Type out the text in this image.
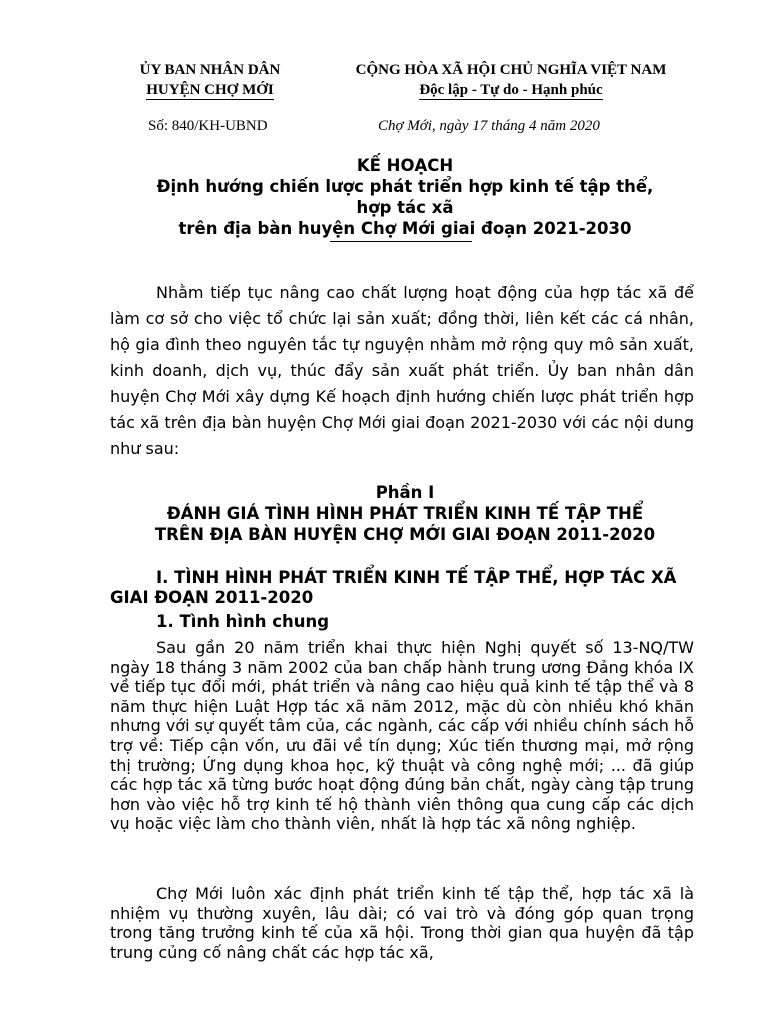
ỦY BAN NHÂN DÂN
HUYỆN CHỢ MỚI
CỘNG HÒA XÃ HỘI CHỦ NGHĨA VIỆT NAM
Độc lập - Tự do - Hạnh phúc
Số: 840/KH-UBND	Chợ Mới, ngày 17 tháng 4 năm 2020
KẾ HOẠCH
Định hướng chiến lược phát triển hợp kinh tế tập thể,
hợp tác xã
trên địa bàn huyện Chợ Mới giai đoạn 2021-2030

Nhằm tiếp tục nâng cao chất lượng hoạt động của hợp tác xã để làm cơ sở cho việc tổ chức lại sản xuất; đồng thời, liên kết các cá nhân, hộ gia đình theo nguyên tắc tự nguyện nhằm mở rộng quy mô sản xuất, kinh doanh, dịch vụ, thúc đẩy sản xuất phát triển. Ủy ban nhân dân huyện Chợ Mới xây dựng Kế hoạch định hướng chiến lược phát triển hợp tác xã trên địa bàn huyện Chợ Mới giai đoạn 2021-2030 với các nội dung như sau:

Phần I
ĐÁNH GIÁ TÌNH HÌNH PHÁT TRIỂN KINH TẾ TẬP THỂ
TRÊN ĐỊA BÀN HUYỆN CHỢ MỚI GIAI ĐOẠN 2011-2020

I. TÌNH HÌNH PHÁT TRIỂN KINH TẾ TẬP THỂ, HỢP TÁC XÃ GIAI ĐOẠN 2011-2020

1. Tình hình chung

Sau gần 20 năm triển khai thực hiện Nghị quyết số 13-NQ/TW ngày 18 tháng 3 năm 2002 của ban chấp hành trung ương Đảng khóa IX về tiếp tục đổi mới, phát triển và nâng cao hiệu quả kinh tế tập thể và 8 năm thực hiện Luật Hợp tác xã năm 2012, mặc dù còn nhiều khó khăn nhưng với sự quyết tâm của, các ngành, các cấp với nhiều chính sách hỗ trợ về: Tiếp cận vốn, ưu đãi về tín dụng; Xúc tiến thương mại, mở rộng thị trường; Ứng dụng khoa học, kỹ thuật và công nghệ mới; ... đã giúp các hợp tác xã từng bước hoạt động đúng bản chất, ngày càng tập trung hơn vào việc hỗ trợ kinh tế hộ thành viên thông qua cung cấp các dịch vụ hoặc việc làm cho thành viên, nhất là hợp tác xã nông nghiệp.

Chợ Mới luôn xác định phát triển kinh tế tập thể, hợp tác xã là nhiệm vụ thường xuyên, lâu dài; có vai trò và đóng góp quan trọng trong tăng trưởng kinh tế của xã hội. Trong thời gian qua huyện đã tập trung củng cố nâng chất các hợp tác xã,
